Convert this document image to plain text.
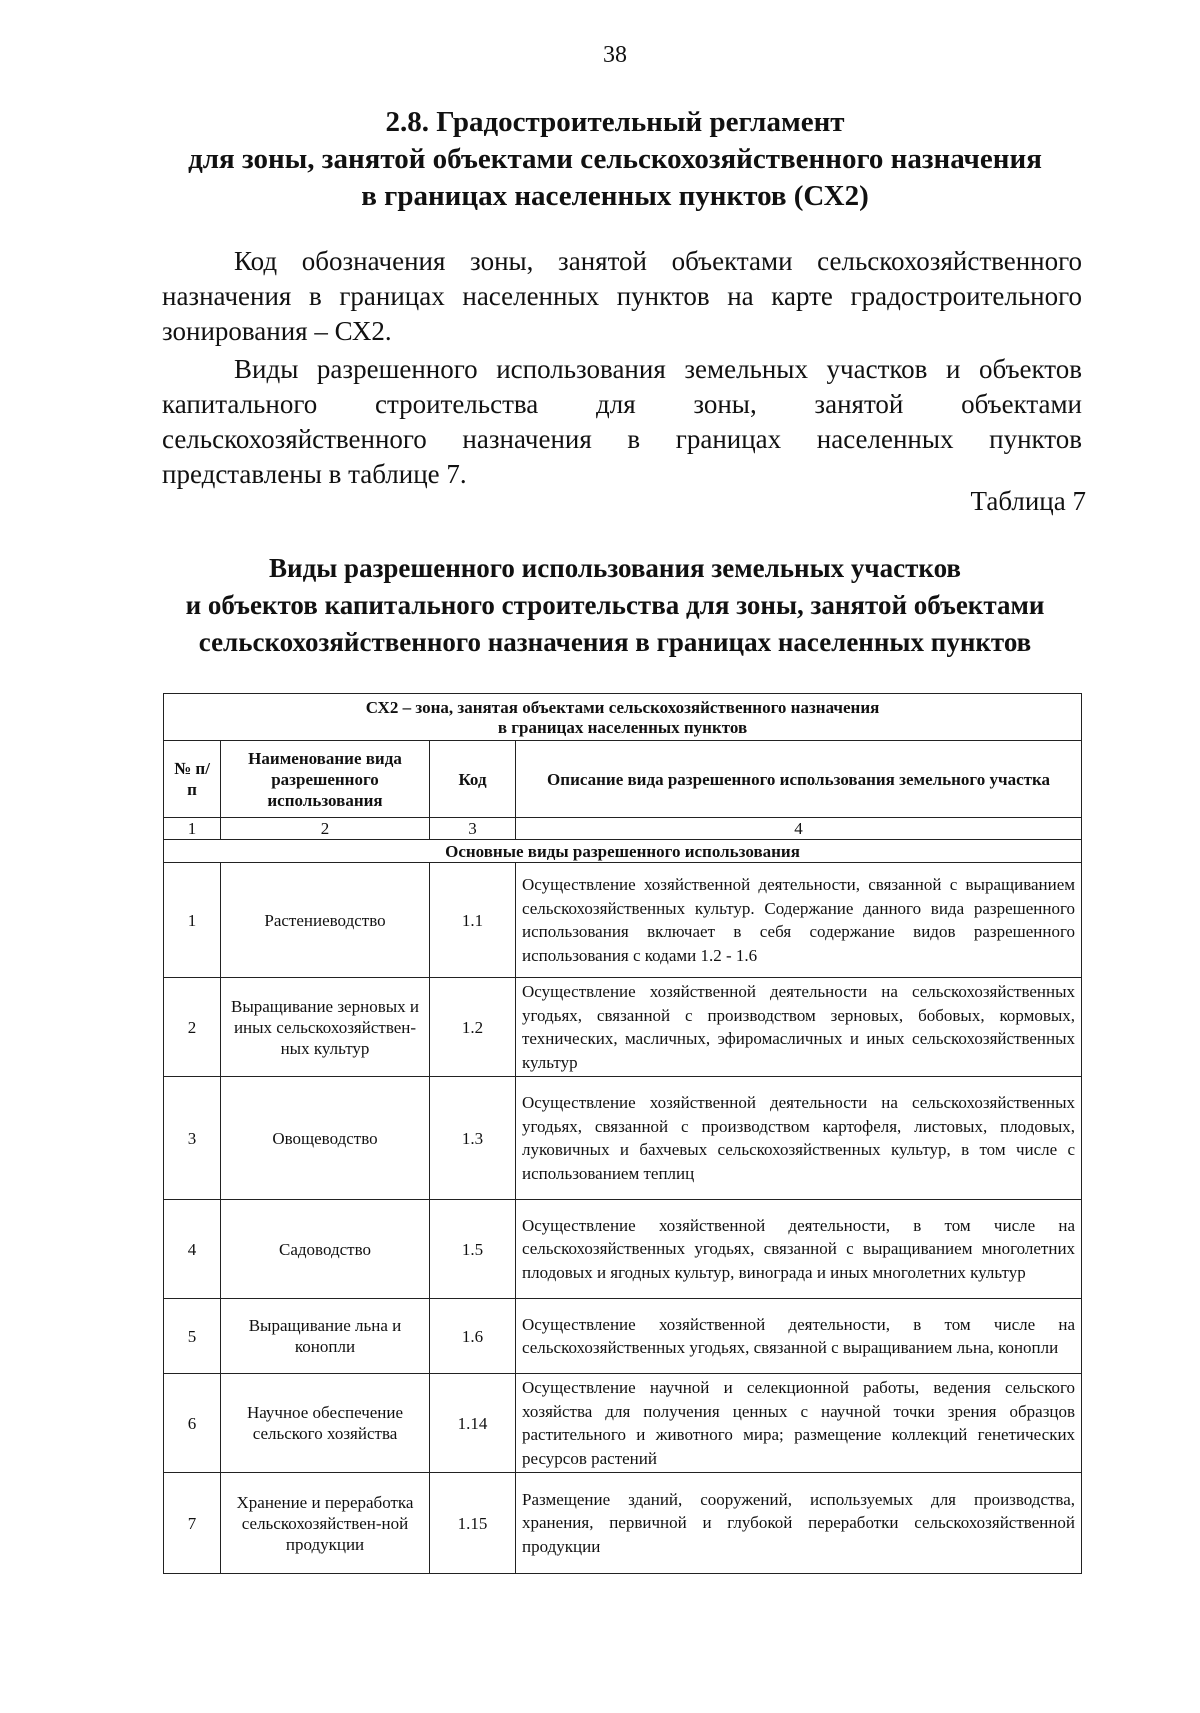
38
2.8. Градостроительный регламент
для зоны, занятой объектами сельскохозяйственного назначения
в границах населенных пунктов (СХ2)

Код обозначения зоны, занятой объектами сельскохозяйственного назначения в границах населенных пунктов на карте градостроительного зонирования – СХ2.

Виды разрешенного использования земельных участков и объектов капитального строительства для зоны, занятой объектами сельскохозяйственного назначения в границах населенных пунктов представлены в таблице 7.

Таблица 7
Виды разрешенного использования земельных участков
и объектов капитального строительства для зоны, занятой объектами
сельскохозяйственного назначения в границах населенных пунктов
СХ2 – зона, занятая объектами сельскохозяйственного назначения
в границах населенных пунктов			

№ п/п	Наименование вида разрешенного использования	Код	Описание вида разрешенного использования земельного участка
1	2	3	4
Основные виды разрешенного использования			
1	Растениеводство	1.1	Осуществление хозяйственной деятельности, связанной с выращиванием сельскохозяйственных культур. Содержание данного вида разрешенного использования включает в себя содержание видов разрешенного использования с кодами 1.2 - 1.6
2	Выращивание зерновых и иных сельскохозяйствен-ных культур	1.2	Осуществление хозяйственной деятельности на сельскохозяйственных угодьях, связанной с производством зерновых, бобовых, кормовых, технических, масличных, эфиромасличных и иных сельскохозяйственных культур
3	Овощеводство	1.3	Осуществление хозяйственной деятельности на сельскохозяйственных угодьях, связанной с производством картофеля, листовых, плодовых, луковичных и бахчевых сельскохозяйственных культур, в том числе с использованием теплиц
4	Садоводство	1.5	Осуществление хозяйственной деятельности, в том числе на сельскохозяйственных угодьях, связанной с выращиванием многолетних плодовых и ягодных культур, винограда и иных многолетних культур
5	Выращивание льна и конопли	1.6	Осуществление хозяйственной деятельности, в том числе на сельскохозяйственных угодьях, связанной с выращиванием льна, конопли
6	Научное обеспечение сельского хозяйства	1.14	Осуществление научной и селекционной работы, ведения сельского хозяйства для получения ценных с научной точки зрения образцов растительного и животного мира; размещение коллекций генетических ресурсов растений
7	Хранение и переработка сельскохозяйствен-ной продукции	1.15	Размещение зданий, сооружений, используемых для производства, хранения, первичной и глубокой переработки сельскохозяйственной продукции
